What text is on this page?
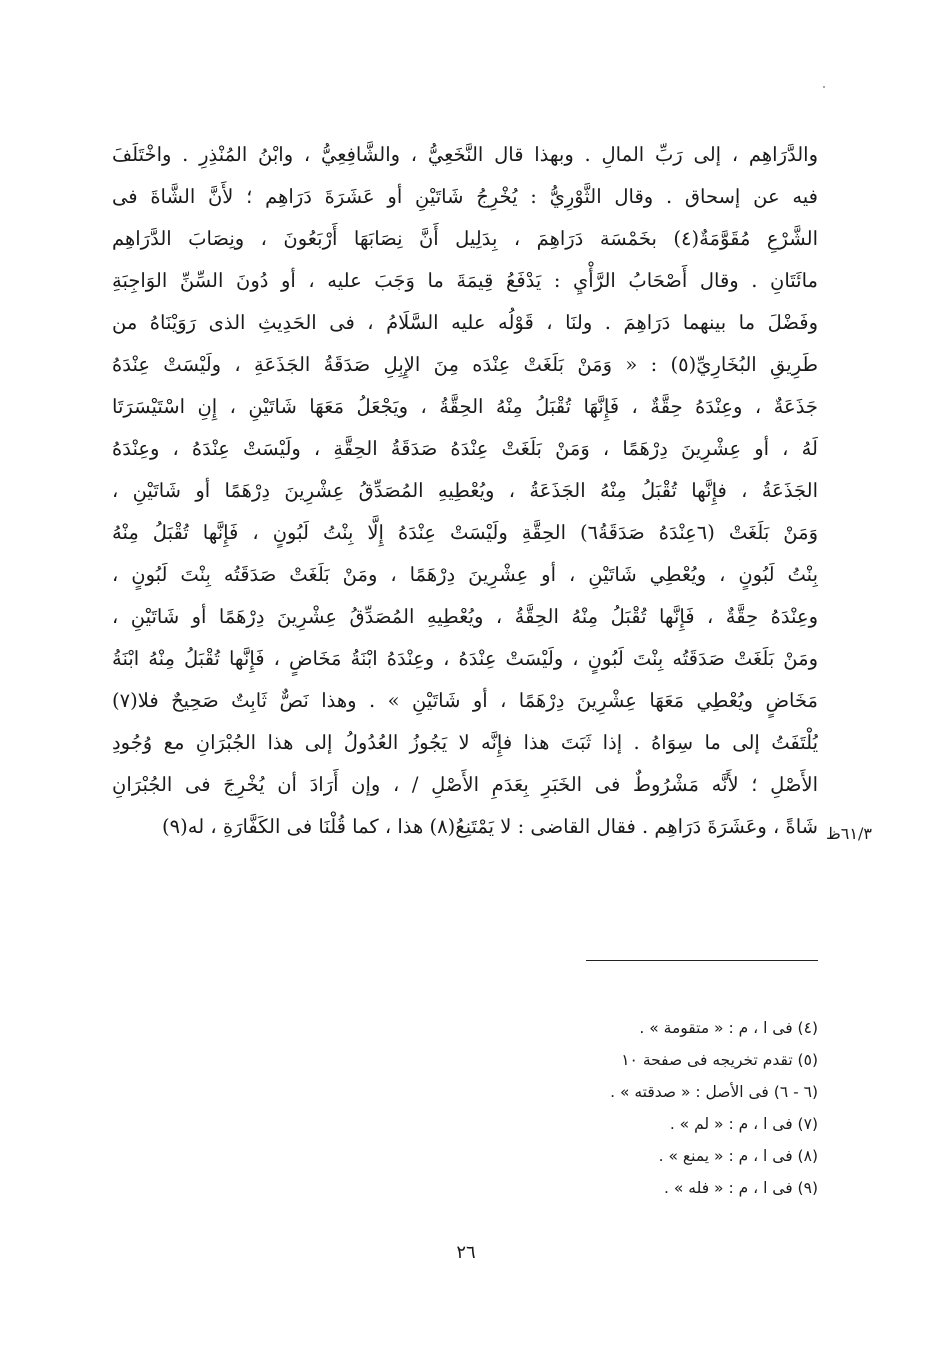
والدَّرَاهِم ، إلى رَبِّ المالِ . وبهذا قال النَّخَعِيُّ ، والشَّافِعِيُّ ، وابْنُ المُنْذِرِ . واخْتَلَفَ
فيه عن إسحاق . وقال الثَّوْرِيُّ : يُخْرِجُ شَاتَيْنِ أو عَشَرَةَ دَرَاهِم ؛ لأَنَّ الشَّاةَ فى
الشَّرْعِ مُقَوَّمَةٌ(٤) بخَمْسَة دَرَاهِمَ ، بِدَلِيل أَنَّ نِصَابَهَا أَرْبَعُونَ ، ونِصَابَ الدَّرَاهِم
مائَتَانِ . وقال أَصْحَابُ الرَّأْيِ : يَدْفَعُ قِيمَةَ ما وَجَبَ عليه ، أو دُونَ السِّنِّ الوَاجِبَةِ
وفَضْلَ ما بينهما دَرَاهِمَ . ولنَا ، قَوْلُه عليه السَّلَامُ ، فى الحَدِيثِ الذى رَوَيْنَاهُ من
طَرِيقِ البُخَارِيِّ(٥) : « وَمَنْ بَلَغَتْ عِنْدَه مِنَ الإِبِلِ صَدَقَةُ الجَذَعَةِ ، ولَيْسَتْ عِنْدَهُ
جَذَعَةٌ ، وعِنْدَهُ حِقَّةٌ ، فَإِنَّهَا تُقْبَلُ مِنْهُ الحِقَّةُ ، ويَجْعَلُ مَعَهَا شَاتَيْنِ ، إِنِ اسْتَيْسَرَتَا
لَهُ ، أو عِشْرِينَ دِرْهَمًا ، وَمَنْ بَلَغَتْ عِنْدَهُ صَدَقَةُ الحِقَّةِ ، ولَيْسَتْ عِنْدَهُ ، وعِنْدَهُ
الجَذَعَةُ ، فإِنَّها تُقْبَلُ مِنْهُ الجَذَعَةُ ، ويُعْطِيهِ المُصَدِّقُ عِشْرِينَ دِرْهَمًا أو شَاتَيْنِ ،
وَمَنْ بَلَغَتْ (٦عِنْدَهُ صَدَقَةُ٦) الحِقَّةِ ولَيْسَتْ عِنْدَهُ إِلَّا بِنْتُ لَبُونٍ ، فَإِنَّها تُقْبَلُ مِنْهُ
بِنْتُ لَبُونٍ ، ويُعْطِي شَاتَيْنِ ، أو عِشْرِينَ دِرْهَمًا ، ومَنْ بَلَغَتْ صَدَقَتُه بِنْتَ لَبُونٍ ،
وعِنْدَهُ حِقَّةٌ ، فَإِنَّها تُقْبَلُ مِنْهُ الحِقَّةُ ، ويُعْطِيهِ المُصَدِّقُ عِشْرِينَ دِرْهَمًا أو شَاتَيْنِ ،
ومَنْ بَلَغَتْ صَدَقَتُه بِنْتَ لَبُونٍ ، ولَيْسَتْ عِنْدَهُ ، وعِنْدَهُ ابْنَةُ مَخَاضٍ ، فَإِنَّها تُقْبَلُ مِنْهُ ابْنَةُ
مَخَاضٍ ويُعْطِي مَعَهَا عِشْرِينَ دِرْهَمًا ، أو شَاتَيْنِ » . وهذا نَصٌّ ثَابِتٌ صَحِيحٌ فلا(٧)
يُلْتَفَتُ إلى ما سِوَاهُ . إذا ثَبَتَ هذا فإِنَّه لا يَجُوزُ العُدُولُ إلى هذا الجُبْرَانِ مع وُجُودِ
الأَصْلِ ؛ لأَنَّه مَشْرُوطٌ فى الخَبَرِ بِعَدَمِ الأَصْلِ / ، وإن أَرَادَ أن يُخْرِجَ فى الجُبْرَانِ
شَاةً ، وعَشَرَةَ دَرَاهِم . فقال القاضى : لا يَمْتَنِعُ(٨) هذا ، كما قُلْنَا فى الكَفَّارَةِ ، له(٩) ٦١/٣ظ
(٤) فى ا ، م : « متقومة » .
(٥) تقدم تخريجه فى صفحة ١٠
(٦ - ٦) فى الأصل : « صدقته » .
(٧) فى ا ، م : « لم » .
(٨) فى ا ، م : « يمنع » .
(٩) فى ا ، م : « فله » .
٢٦
